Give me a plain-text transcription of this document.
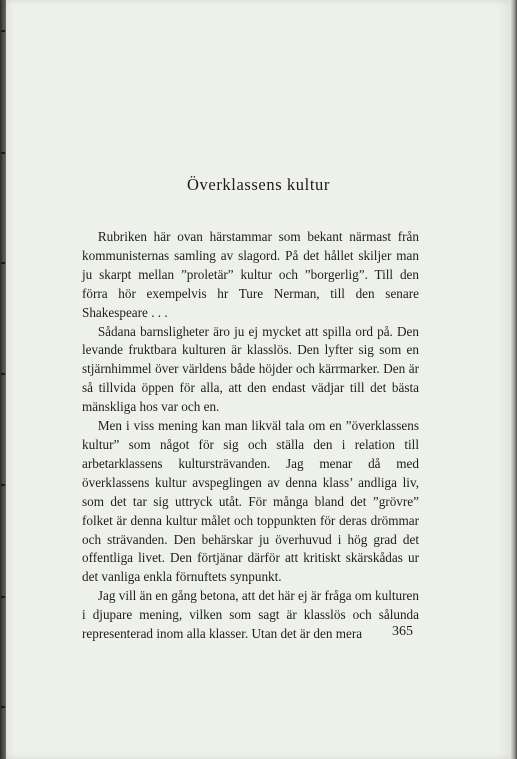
Överklassens kultur

Rubriken här ovan härstammar som bekant närmast från kommunisternas samling av slagord. På det hållet skiljer man ju skarpt mellan ”proletär” kultur och ”borgerlig”. Till den förra hör exempelvis hr Ture Nerman, till den senare Shakespeare . . .

Sådana barnsligheter äro ju ej mycket att spilla ord på. Den levande fruktbara kulturen är klasslös. Den lyfter sig som en stjärnhimmel över världens både höjder och kärrmarker. Den är så tillvida öppen för alla, att den endast vädjar till det bästa mänskliga hos var och en.

Men i viss mening kan man likväl tala om en ”överklassens kultur” som något för sig och ställa den i relation till arbetarklassens kultursträvanden. Jag menar då med överklassens kultur avspeglingen av denna klass’ andliga liv, som det tar sig uttryck utåt. För många bland det ”grövre” folket är denna kultur målet och toppunkten för deras drömmar och strävanden. Den behärskar ju överhuvud i hög grad det offentliga livet. Den förtjänar därför att kritiskt skärskådas ur det vanliga enkla förnuftets synpunkt.

Jag vill än en gång betona, att det här ej är fråga om kulturen i djupare mening, vilken som sagt är klasslös och sålunda representerad inom alla klasser. Utan det är den mera	365
